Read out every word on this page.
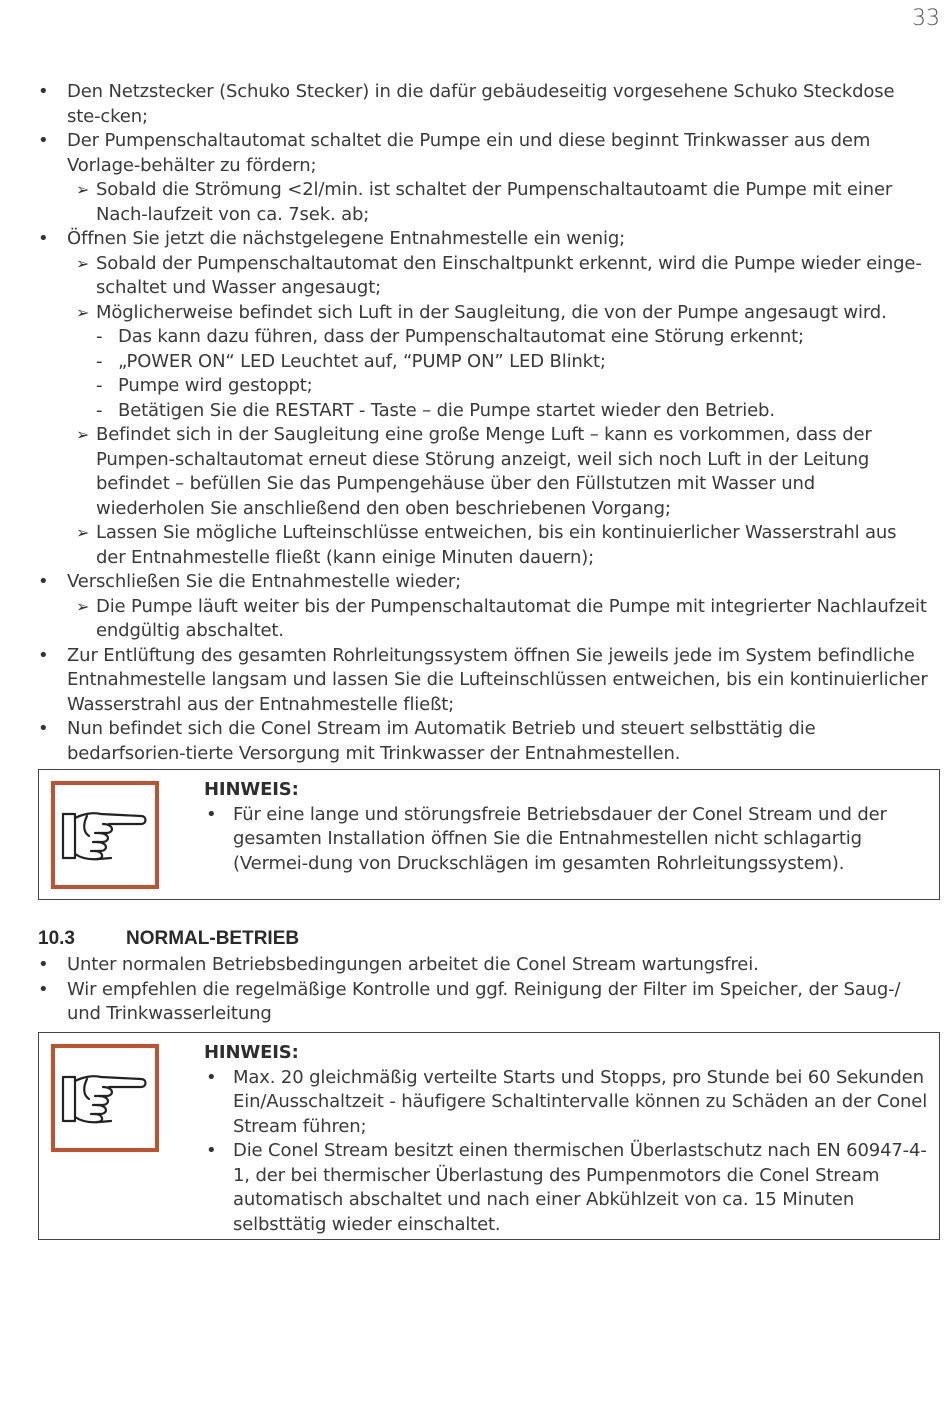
33
• Den Netzstecker (Schuko Stecker) in die dafür gebäudeseitig vorgesehene Schuko Steckdose ste-cken;
• Der Pumpenschaltautomat schaltet die Pumpe ein und diese beginnt Trinkwasser aus dem Vorlage-behälter zu fördern;
➢ Sobald die Strömung <2l/min. ist schaltet der Pumpenschaltautoamt die Pumpe mit einer Nach-laufzeit von ca. 7sek. ab;
• Öffnen Sie jetzt die nächstgelegene Entnahmestelle ein wenig;
➢ Sobald der Pumpenschaltautomat den Einschaltpunkt erkennt, wird die Pumpe wieder einge-schaltet und Wasser angesaugt;
➢ Möglicherweise befindet sich Luft in der Saugleitung, die von der Pumpe angesaugt wird.
- Das kann dazu führen, dass der Pumpenschaltautomat eine Störung erkennt;
- „POWER ON“ LED Leuchtet auf, “PUMP ON” LED Blinkt;
- Pumpe wird gestoppt;
- Betätigen Sie die RESTART - Taste – die Pumpe startet wieder den Betrieb.
➢ Befindet sich in der Saugleitung eine große Menge Luft – kann es vorkommen, dass der Pumpen-schaltautomat erneut diese Störung anzeigt, weil sich noch Luft in der Leitung befindet – befüllen Sie das Pumpengehäuse über den Füllstutzen mit Wasser und wiederholen Sie anschließend den oben beschriebenen Vorgang;
➢ Lassen Sie mögliche Lufteinschlüsse entweichen, bis ein kontinuierlicher Wasserstrahl aus der Entnahmestelle fließt (kann einige Minuten dauern);
• Verschließen Sie die Entnahmestelle wieder;
➢ Die Pumpe läuft weiter bis der Pumpenschaltautomat die Pumpe mit integrierter Nachlaufzeit endgültig abschaltet.
• Zur Entlüftung des gesamten Rohrleitungssystem öffnen Sie jeweils jede im System befindliche Entnahmestelle langsam und lassen Sie die Lufteinschlüssen entweichen, bis ein kontinuierlicher Wasserstrahl aus der Entnahmestelle fließt;
• Nun befindet sich die Conel Stream im Automatik Betrieb und steuert selbsttätig die bedarfsorien-tierte Versorgung mit Trinkwasser der Entnahmestellen.
HINWEIS:
• Für eine lange und störungsfreie Betriebsdauer der Conel Stream und der gesamten Installation öffnen Sie die Entnahmestellen nicht schlagartig (Vermei-dung von Druckschlägen im gesamten Rohrleitungssystem).
10.3	NORMAL-BETRIEB
• Unter normalen Betriebsbedingungen arbeitet die Conel Stream wartungsfrei.
• Wir empfehlen die regelmäßige Kontrolle und ggf. Reinigung der Filter im Speicher, der Saug-/ und Trinkwasserleitung
HINWEIS:
• Max. 20 gleichmäßig verteilte Starts und Stopps, pro Stunde bei 60 Sekunden Ein/Ausschaltzeit - häufigere Schaltintervalle können zu Schäden an der Conel Stream führen;
• Die Conel Stream besitzt einen thermischen Überlastschutz nach EN 60947-4-1, der bei thermischer Überlastung des Pumpenmotors die Conel Stream automatisch abschaltet und nach einer Abkühlzeit von ca. 15 Minuten selbsttätig wieder einschaltet.
